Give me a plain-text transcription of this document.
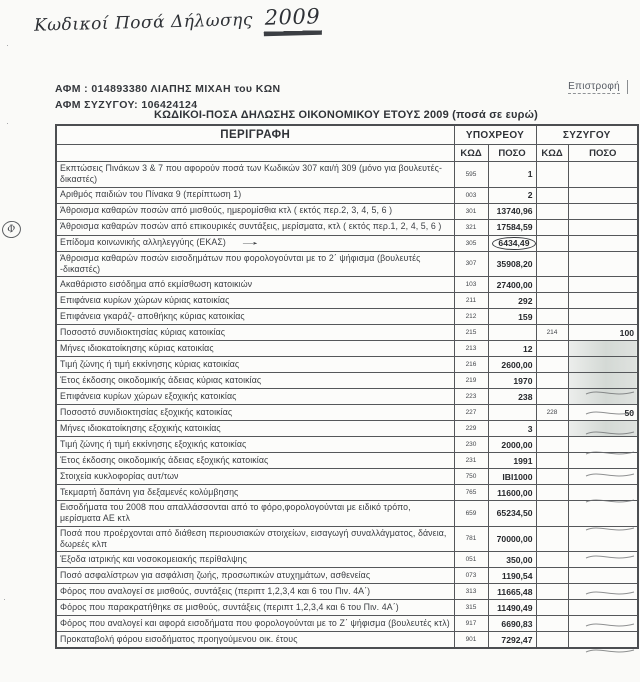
Κωδικοί Ποσά Δήλωσης 2009
ΑΦΜ : 014893380 ΛΙΑΠΗΣ ΜΙΧΑΗ του ΚΩΝ
ΑΦΜ ΣΥΖΥΓΟΥ: 106424124
Επιστροφή
ΚΩΔΙΚΟΙ-ΠΟΣΑ ΔΗΛΩΣΗΣ ΟΙΚΟΝΟΜΙΚΟΥ ΕΤΟΥΣ 2009 (ποσά σε ευρώ)
Φ
·
·
·
ΠΕΡΙΓΡΑΦΗ	ΥΠΟΧΡΕΟΥ		ΣΥΖΥΓΟΥ	
	ΚΩΔ	ΠΟΣΟ	ΚΩΔ	ΠΟΣΟ
Εκπτώσεις Πινάκων 3 & 7 που αφορούν ποσά των Κωδικών 307 και/ή 309 (μόνο για βουλευτές- δικαστές)	595	1		
Αριθμός παιδιών του Πίνακα 9 (περίπτωση 1)	003	2		
Άθροισμα καθαρών ποσών από μισθούς, ημερομίσθια κτλ ( εκτός περ.2, 3, 4, 5, 6 )	301	13740,96		
Άθροισμα καθαρών ποσών από επικουρικές συντάξεις, μερίσματα, κτλ ( εκτός περ.1, 2, 4, 5, 6 )	321	17584,59		
Επίδομα κοινωνικής αλληλεγγύης (ΕΚΑΣ) →	305	6434,49		
Άθροισμα καθαρών ποσών εισοδημάτων που φορολογούνται με το 2΄ ψήφισμα (βουλευτές -δικαστές)	307	35908,20		
Ακαθάριστο εισόδημα από εκμίσθωση κατοικιών	103	27400,00		
Επιφάνεια κυρίων χώρων κύριας κατοικίας	211	292		
Επιφάνεια γκαράζ- αποθήκης κύριας κατοικίας	212	159		
Ποσοστό συνιδιοκτησίας κύριας κατοικίας	215		214	100
Μήνες ιδιοκατοίκησης κύριας κατοικίας	213	12		
Τιμή ζώνης ή τιμή εκκίνησης κύριας κατοικίας	216	2600,00		
Έτος έκδοσης οικοδομικής άδειας κύριας κατοικίας	219	1970		
Επιφάνεια κυρίων χώρων εξοχικής κατοικίας	223	238		
Ποσοστό συνιδιοκτησίας εξοχικής κατοικίας	227		228	50
Μήνες ιδιοκατοίκησης εξοχικής κατοικίας	229	3		
Τιμή ζώνης ή τιμή εκκίνησης εξοχικής κατοικίας	230	2000,00		
Έτος έκδοσης οικοδομικής άδειας εξοχικής κατοικίας	231	1991		
Στοιχεία κυκλοφορίας αυτ/των	750	ΙΒΙ1000		
Τεκμαρτή δαπάνη για δεξαμενές κολύμβησης	765	11600,00		
Εισοδήματα του 2008 που απαλλάσσονται από το φόρο,φορολογούνται με ειδικό τρόπο, μερίσματα ΑΕ κτλ	659	65234,50		
Ποσά που προέρχονται από διάθεση περιουσιακών στοιχείων, εισαγωγή συναλλάγματος, δάνεια, δωρεές κλπ	781	70000,00		
Έξοδα ιατρικής και νοσοκομειακής περίθαλψης	051	350,00		
Ποσό ασφαλίστρων για ασφάλιση ζωής, προσωπικών ατυχημάτων, ασθενείας	073	1190,54		
Φόρος που αναλογεί σε μισθούς, συντάξεις (περιπτ 1,2,3,4 και 6 του Πιν. 4Α΄)	313	11665,48		
Φόρος που παρακρατήθηκε σε μισθούς, συντάξεις (περιπτ 1,2,3,4 και 6 του Πιν. 4Α΄)	315	11490,49		
Φόρος που αναλογεί και αφορά εισοδήματα που φορολογούνται με το Ζ΄ ψήφισμα (βουλευτές κτλ)	917	6690,83		
Προκαταβολή φόρου εισοδήματος προηγούμενου οικ. έτους	901	7292,47		
